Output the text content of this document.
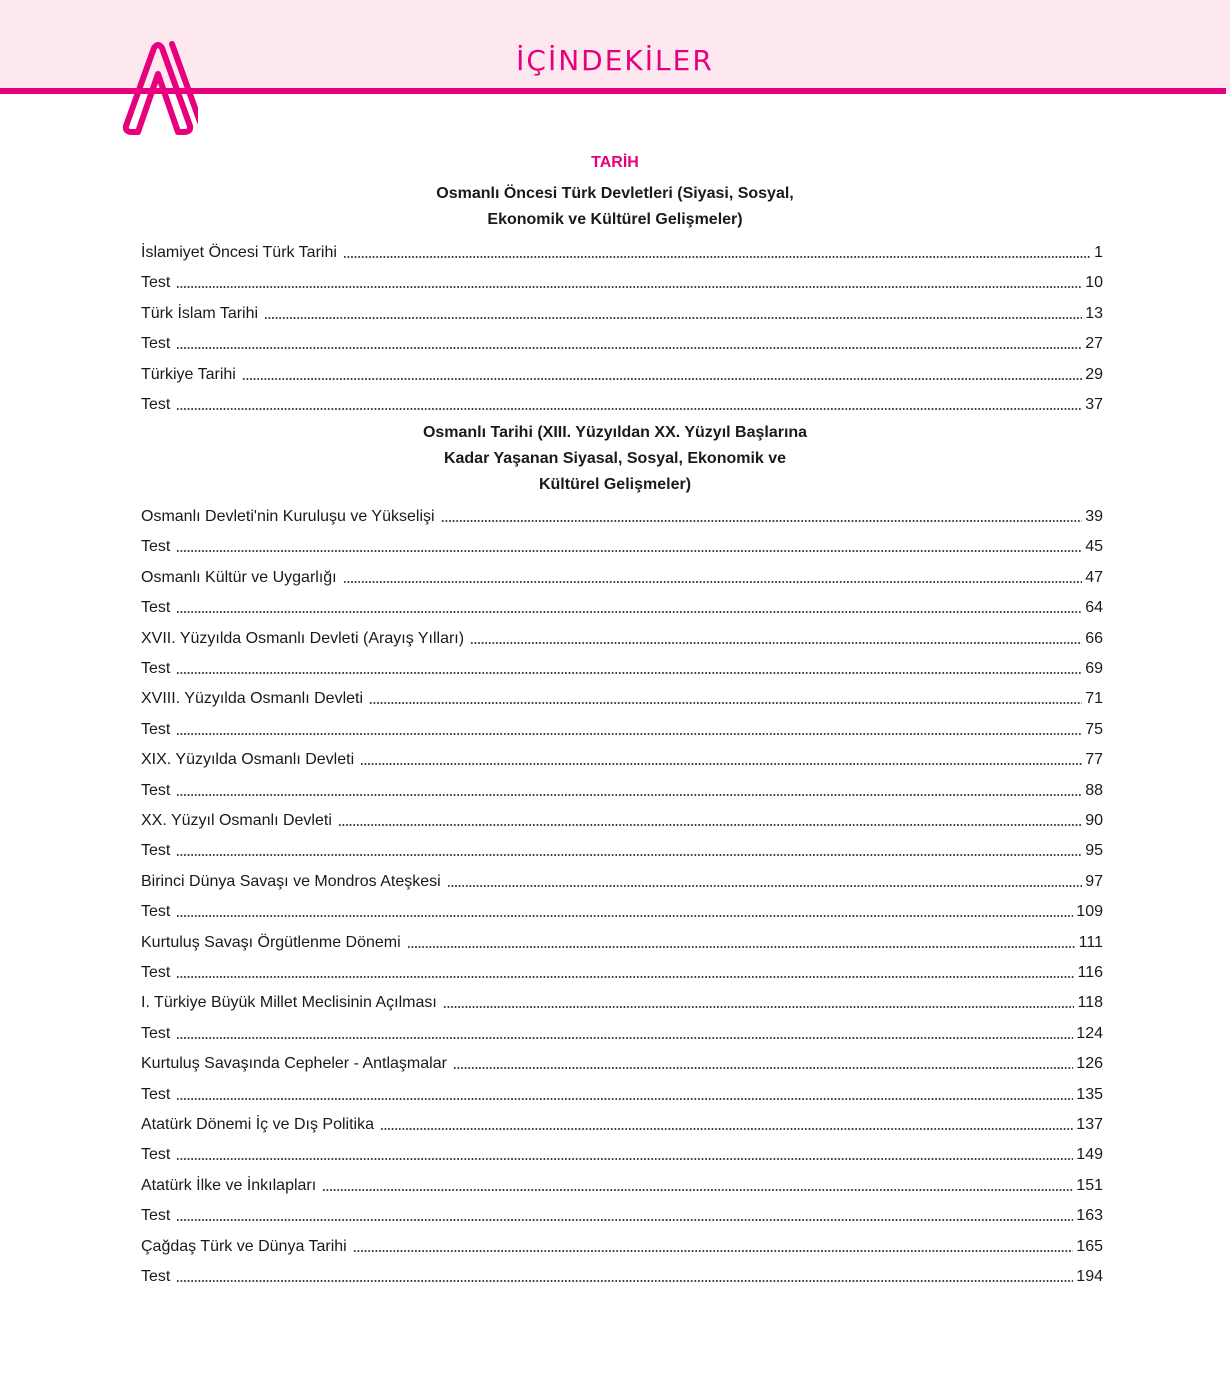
İÇİNDEKİLER
TARİH
Osmanlı Öncesi Türk Devletleri (Siyasi, Sosyal,
Ekonomik ve Kültürel Gelişmeler)
İslamiyet Öncesi Türk Tarihi	1
Test	10
Türk İslam Tarihi	13
Test	27
Türkiye Tarihi	29
Test	37
Osmanlı Tarihi (XIII. Yüzyıldan XX. Yüzyıl Başlarına
Kadar Yaşanan Siyasal, Sosyal, Ekonomik ve
Kültürel Gelişmeler)
Osmanlı Devleti'nin Kuruluşu ve Yükselişi	39
Test	45
Osmanlı Kültür ve Uygarlığı	47
Test	64
XVII. Yüzyılda Osmanlı Devleti (Arayış Yılları)	66
Test	69
XVIII. Yüzyılda Osmanlı Devleti	71
Test	75
XIX. Yüzyılda Osmanlı Devleti	77
Test	88
XX. Yüzyıl Osmanlı Devleti	90
Test	95
Birinci Dünya Savaşı ve Mondros Ateşkesi	97
Test	109
Kurtuluş Savaşı Örgütlenme Dönemi	111
Test	116
I. Türkiye Büyük Millet Meclisinin Açılması	118
Test	124
Kurtuluş Savaşında Cepheler - Antlaşmalar	126
Test	135
Atatürk Dönemi İç ve Dış Politika	137
Test	149
Atatürk İlke ve İnkılapları	151
Test	163
Çağdaş Türk ve Dünya Tarihi	165
Test	194
